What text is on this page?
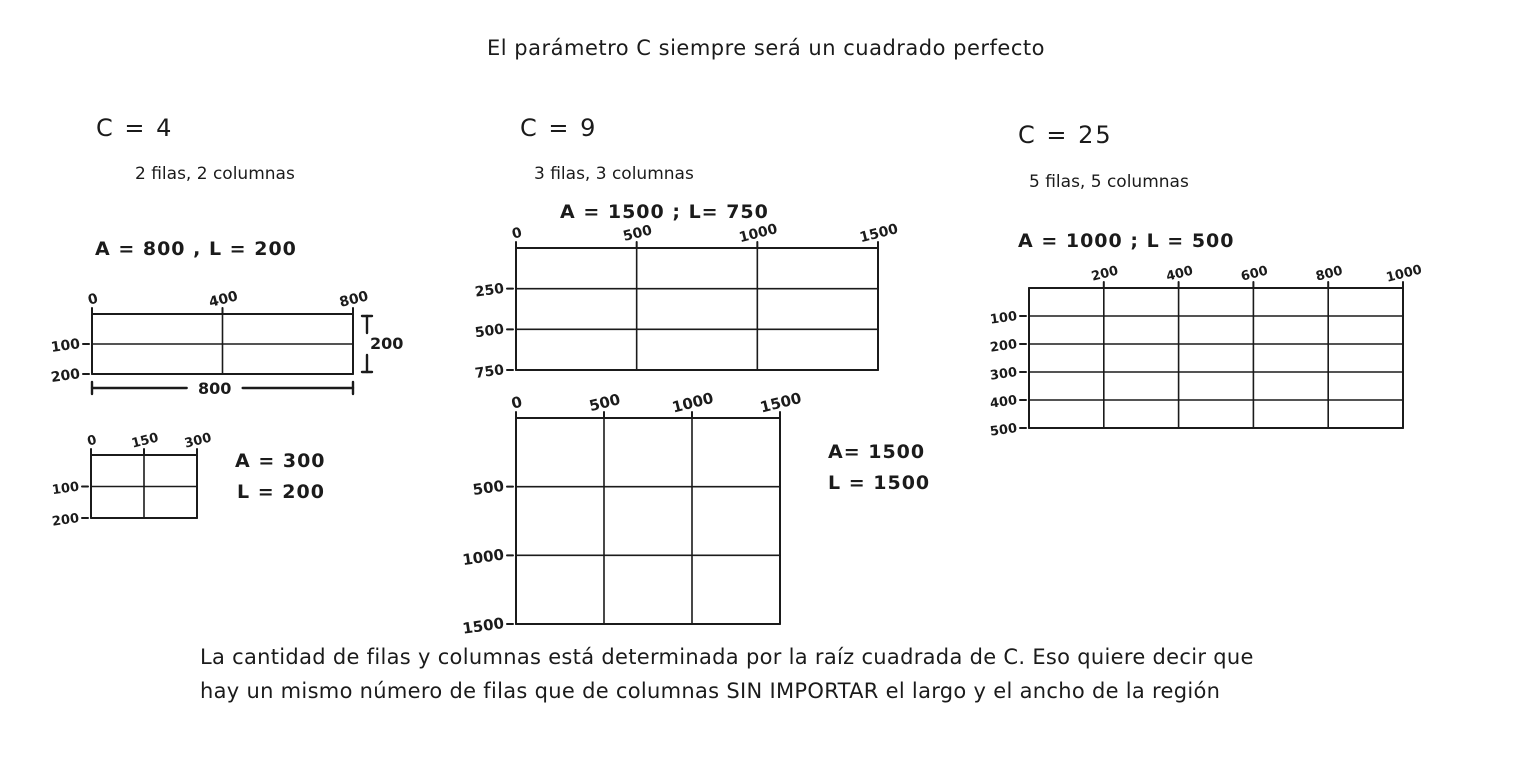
El parámetro C siempre será un cuadrado perfecto
C = 4
2 filas, 2 columnas
A = 800 , L = 200
0	400	800
100
200
800
200
0 150 300
100
200
A = 300
L = 200
C = 9
3 filas, 3 columnas
A = 1500 ; L= 750
0	500	1000	1500
250
500
750
0	500	1000	1500
500
1000
1500
A= 1500
L = 1500
C = 25
5 filas, 5 columnas
A = 1000 ; L = 500
200	400	600	800	1000
100
200
300
400
500
La cantidad de filas y columnas está determinada por la raíz cuadrada de C. Eso quiere decir que
hay un mismo número de filas que de columnas SIN IMPORTAR el largo y el ancho de la región
